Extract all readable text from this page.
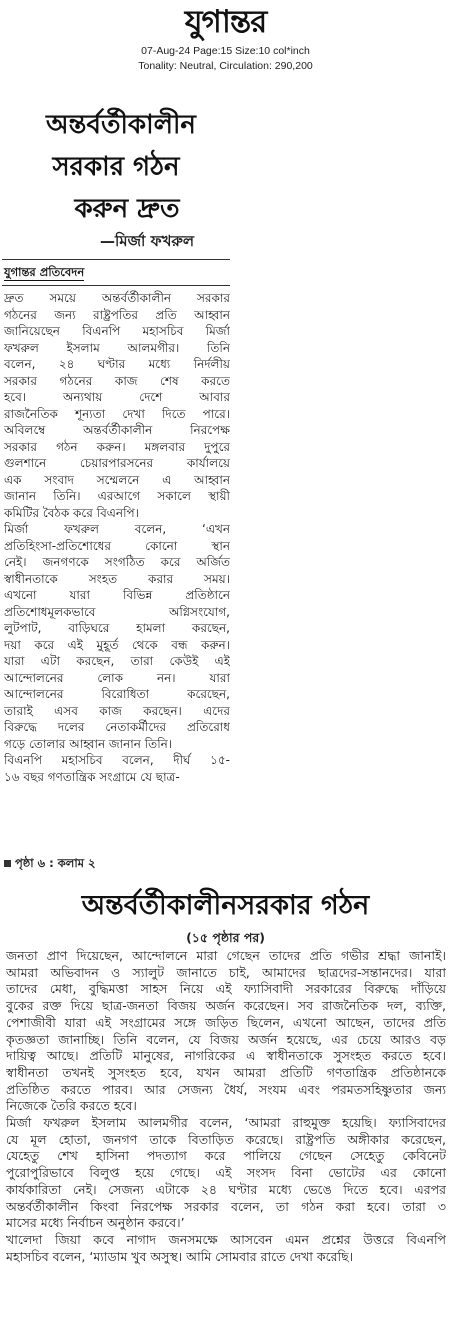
যুগান্তর
07-Aug-24 Page:15 Size:10 col*inch
Tonality: Neutral, Circulation: 290,200
অন্তর্বর্তীকালীন
সরকার গঠন
করুন দ্রুত
—মির্জা ফখরুল
যুগান্তর প্রতিবেদন
দ্রুত সময়ে অন্তর্বর্তীকালীন সরকার
গঠনের জন্য রাষ্ট্রপতির প্রতি আহ্বান
জানিয়েছেন বিএনপি মহাসচিব মির্জা
ফখরুল ইসলাম আলমগীর। তিনি
বলেন, ২৪ ঘণ্টার মধ্যে নির্দলীয়
সরকার গঠনের কাজ শেষ করতে
হবে। অন্যথায় দেশে আবার
রাজনৈতিক শূন্যতা দেখা দিতে পারে।
অবিলম্বে অন্তর্বর্তীকালীন নিরপেক্ষ
সরকার গঠন করুন। মঙ্গলবার দুপুরে
গুলশানে চেয়ারপারসনের কার্যালয়ে
এক সংবাদ সম্মেলনে এ আহ্বান
জানান তিনি। এরআগে সকালে স্থায়ী
কমিটির বৈঠক করে বিএনপি।
মির্জা ফখরুল বলেন, ‘এখন
প্রতিহিংসা-প্রতিশোধের কোনো স্থান
নেই। জনগণকে সংগঠিত করে অর্জিত
স্বাধীনতাকে সংহত করার সময়।
এখনো যারা বিভিন্ন প্রতিষ্ঠানে
প্রতিশোধমূলকভাবে অগ্নিসংযোগ,
লুটপাট, বাড়িঘরে হামলা করছেন,
দয়া করে এই মুহূর্ত থেকে বন্ধ করুন।
যারা এটা করছেন, তারা কেউই এই
আন্দোলনের লোক নন। যারা
আন্দোলনের বিরোধিতা করেছেন,
তারাই এসব কাজ করছেন। এদের
বিরুদ্ধে দলের নেতাকর্মীদের প্রতিরোধ
গড়ে তোলার আহ্বান জানান তিনি।
বিএনপি মহাসচিব বলেন, দীর্ঘ ১৫-
১৬ বছর গণতান্ত্রিক সংগ্রামে যে ছাত্র-
পৃষ্ঠা ৬ : কলাম ২
অন্তর্বর্তীকালীনসরকার গঠন
(১৫ পৃষ্ঠার পর)
জনতা প্রাণ দিয়েছেন, আন্দোলনে মারা গেছেন তাদের প্রতি গভীর শ্রদ্ধা জানাই।
আমরা অভিবাদন ও স্যালুট জানাতে চাই, আমাদের ছাত্রদের-সন্তানদের। যারা
তাদের মেধা, বুদ্ধিমত্তা সাহস নিয়ে এই ফ্যাসিবাদী সরকারের বিরুদ্ধে দাঁড়িয়ে
বুকের রক্ত দিয়ে ছাত্র-জনতা বিজয় অর্জন করেছেন। সব রাজনৈতিক দল, ব্যক্তি,
পেশাজীবী যারা এই সংগ্রামের সঙ্গে জড়িত ছিলেন, এখনো আছেন, তাদের প্রতি
কৃতজ্ঞতা জানাচ্ছি। তিনি বলেন, যে বিজয় অর্জন হয়েছে, এর চেয়ে আরও বড়
দায়িত্ব আছে। প্রতিটি মানুষের, নাগরিকের এ স্বাধীনতাকে সুসংহত করতে হবে।
স্বাধীনতা তখনই সুসংহত হবে, যখন আমরা প্রতিটি গণতান্ত্রিক প্রতিষ্ঠানকে
প্রতিষ্ঠিত করতে পারব। আর সেজন্য ধৈর্য, সংযম এবং পরমতসহিষ্ণুতার জন্য
নিজেকে তৈরি করতে হবে।
মির্জা ফখরুল ইসলাম আলমগীর বলেন, ‘আমরা রাহুমুক্ত হয়েছি। ফ্যাসিবাদের
যে মূল হোতা, জনগণ তাকে বিতাড়িত করেছে। রাষ্ট্রপতি অঙ্গীকার করেছেন,
যেহেতু শেখ হাসিনা পদত্যাগ করে পালিয়ে গেছেন সেহেতু কেবিনেট
পুরোপুরিভাবে বিলুপ্ত হয়ে গেছে। এই সংসদ বিনা ভোটের এর কোনো
কার্যকারিতা নেই। সেজন্য এটাকে ২৪ ঘণ্টার মধ্যে ভেঙে দিতে হবে। এরপর
অন্তর্বর্তীকালীন কিংবা নিরপেক্ষ সরকার বলেন, তা গঠন করা হবে। তারা ৩
মাসের মধ্যে নির্বাচন অনুষ্ঠান করবে।’
খালেদা জিয়া কবে নাগাদ জনসমক্ষে আসবেন এমন প্রশ্নের উত্তরে বিএনপি
মহাসচিব বলেন, ‘ম্যাডাম খুব অসুস্থ। আমি সোমবার রাতে দেখা করেছি।
